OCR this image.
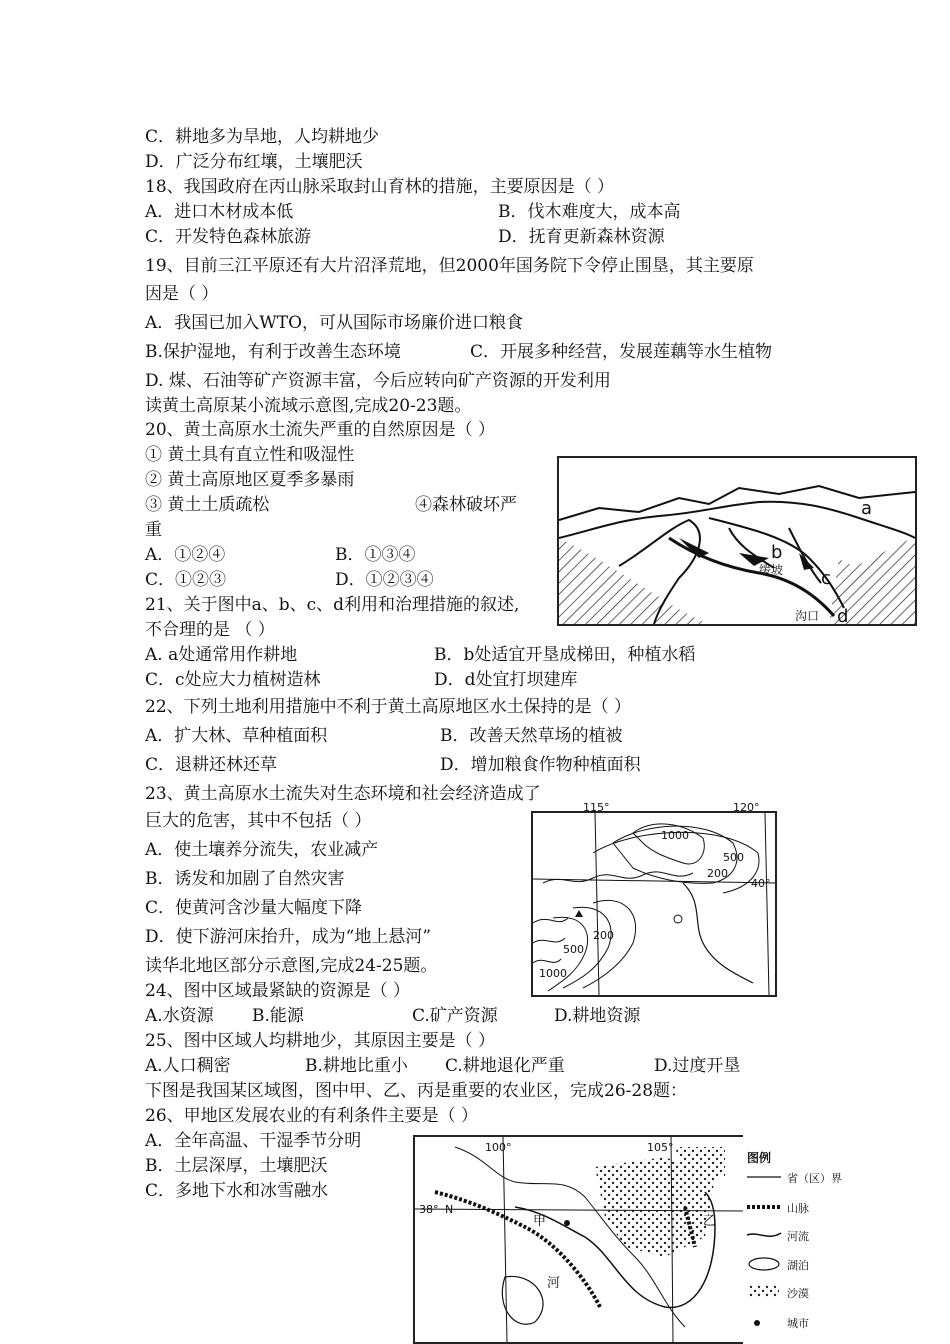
C．耕地多为旱地，人均耕地少
D．广泛分布红壤，土壤肥沃
18、我国政府在丙山脉采取封山育林的措施，主要原因是（ ）
A．进口木材成本低	B．伐木难度大，成本高
C．开发特色森林旅游	D．抚育更新森林资源
19、目前三江平原还有大片沼泽荒地，但2000年国务院下令停止围垦，其主要原
因是（ ）
A．我国已加入WTO，可从国际市场廉价进口粮食
B.保护湿地，有利于改善生态环境	C．开展多种经营，发展莲藕等水生植物
D. 煤、石油等矿产资源丰富，今后应转向矿产资源的开发利用
读黄土高原某小流域示意图,完成20-23题。
20、黄土高原水土流失严重的自然原因是（ ）
① 黄土具有直立性和吸湿性
② 黄土高原地区夏季多暴雨
③ 黄土土质疏松	④森林破坏严
重
A．①②④	B．①③④
C．①②③	D．①②③④
21、关于图中a、b、c、d利用和治理措施的叙述,
不合理的是 （ ）
A. a处通常用作耕地	B．b处适宜开垦成梯田，种植水稻
C．c处应大力植树造林	D．d处宜打坝建库
22、下列土地利用措施中不利于黄土高原地区水土保持的是（ ）
A．扩大林、草种植面积	B．改善天然草场的植被
C．退耕还林还草	D．增加粮食作物种植面积
23、黄土高原水土流失对生态环境和社会经济造成了
巨大的危害，其中不包括（ ）
A．使土壤养分流失，农业减产
B．诱发和加剧了自然灾害
C．使黄河含沙量大幅度下降
D．使下游河床抬升，成为“地上悬河”
读华北地区部分示意图,完成24-25题。
24、图中区域最紧缺的资源是（ ）
A.水资源 B.能源	C.矿产资源	D.耕地资源
25、图中区域人均耕地少，其原因主要是（ ）
A.人口稠密	B.耕地比重小 C.耕地退化严重	D.过度开垦
下图是我国某区域图，图中甲、乙、丙是重要的农业区，完成26-28题：
26、甲地区发展农业的有利条件主要是（ ）
A．全年高温、干湿季节分明
B．土层深厚，土壤肥沃
C．多地下水和冰雪融水
a
b
c
d
缓坡
沟口
115°	120°
40°
1000
500
200
200
500
1000
100°	105°
38° N
甲	乙
河
图例
省（区）界
山脉
河流
湖泊
沙漠
城市
